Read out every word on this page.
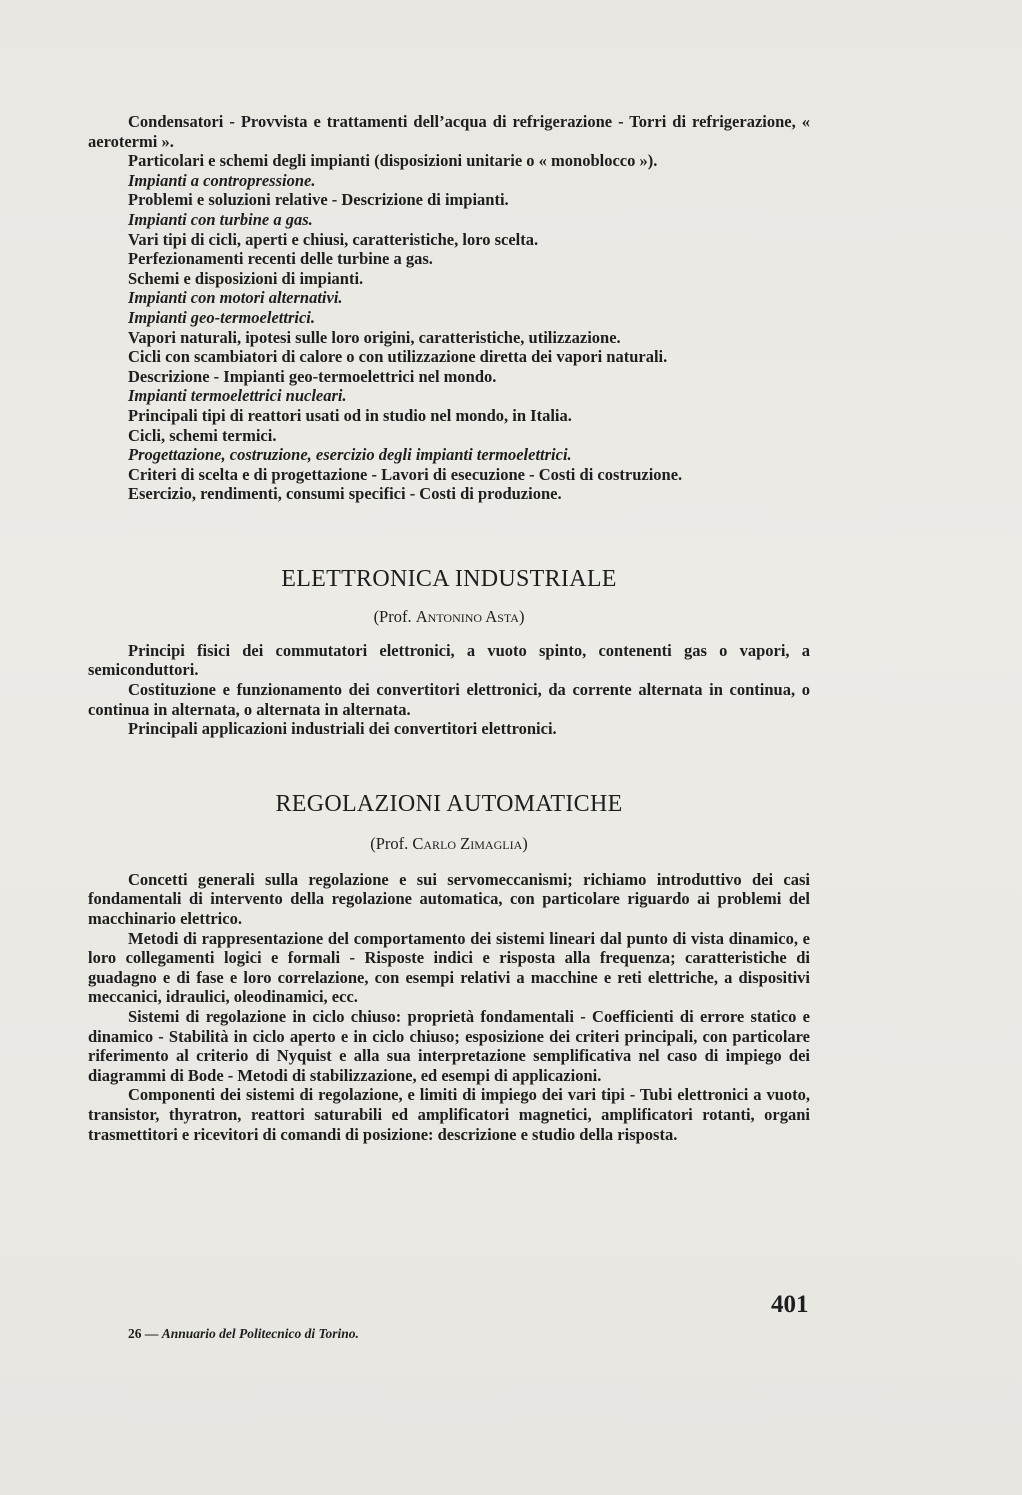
Condensatori - Provvista e trattamenti dell’acqua di refrigerazione - Torri di refrigerazione, « aerotermi ».

Particolari e schemi degli impianti (disposizioni unitarie o « monoblocco »).

Impianti a contropressione.

Problemi e soluzioni relative - Descrizione di impianti.

Impianti con turbine a gas.

Vari tipi di cicli, aperti e chiusi, caratteristiche, loro scelta.

Perfezionamenti recenti delle turbine a gas.

Schemi e disposizioni di impianti.

Impianti con motori alternativi.

Impianti geo-termoelettrici.

Vapori naturali, ipotesi sulle loro origini, caratteristiche, utilizzazione.

Cicli con scambiatori di calore o con utilizzazione diretta dei vapori naturali.

Descrizione - Impianti geo-termoelettrici nel mondo.

Impianti termoelettrici nucleari.

Principali tipi di reattori usati od in studio nel mondo, in Italia.

Cicli, schemi termici.

Progettazione, costruzione, esercizio degli impianti termoelettrici.

Criteri di scelta e di progettazione - Lavori di esecuzione - Costi di costruzione.

Esercizio, rendimenti, consumi specifici - Costi di produzione.

ELETTRONICA INDUSTRIALE

(Prof. Antonino Asta)

Principi fisici dei commutatori elettronici, a vuoto spinto, contenenti gas o vapori, a semiconduttori.

Costituzione e funzionamento dei convertitori elettronici, da corrente alternata in continua, o continua in alternata, o alternata in alternata.

Principali applicazioni industriali dei convertitori elettronici.

REGOLAZIONI AUTOMATICHE

(Prof. Carlo Zimaglia)

Concetti generali sulla regolazione e sui servomeccanismi; richiamo introduttivo dei casi fondamentali di intervento della regolazione automatica, con particolare riguardo ai problemi del macchinario elettrico.

Metodi di rappresentazione del comportamento dei sistemi lineari dal punto di vista dinamico, e loro collegamenti logici e formali - Risposte indici e risposta alla frequenza; caratteristiche di guadagno e di fase e loro correlazione, con esempi relativi a macchine e reti elettriche, a dispositivi meccanici, idraulici, oleodinamici, ecc.

Sistemi di regolazione in ciclo chiuso: proprietà fondamentali - Coefficienti di errore statico e dinamico - Stabilità in ciclo aperto e in ciclo chiuso; esposizione dei criteri principali, con particolare riferimento al criterio di Nyquist e alla sua interpretazione semplificativa nel caso di impiego dei diagrammi di Bode - Metodi di stabilizzazione, ed esempi di applicazioni.

Componenti dei sistemi di regolazione, e limiti di impiego dei vari tipi - Tubi elettronici a vuoto, transistor, thyratron, reattori saturabili ed amplificatori magnetici, amplificatori rotanti, organi trasmettitori e ricevitori di comandi di posizione: descrizione e studio della risposta.

26 — Annuario del Politecnico di Torino.
401
